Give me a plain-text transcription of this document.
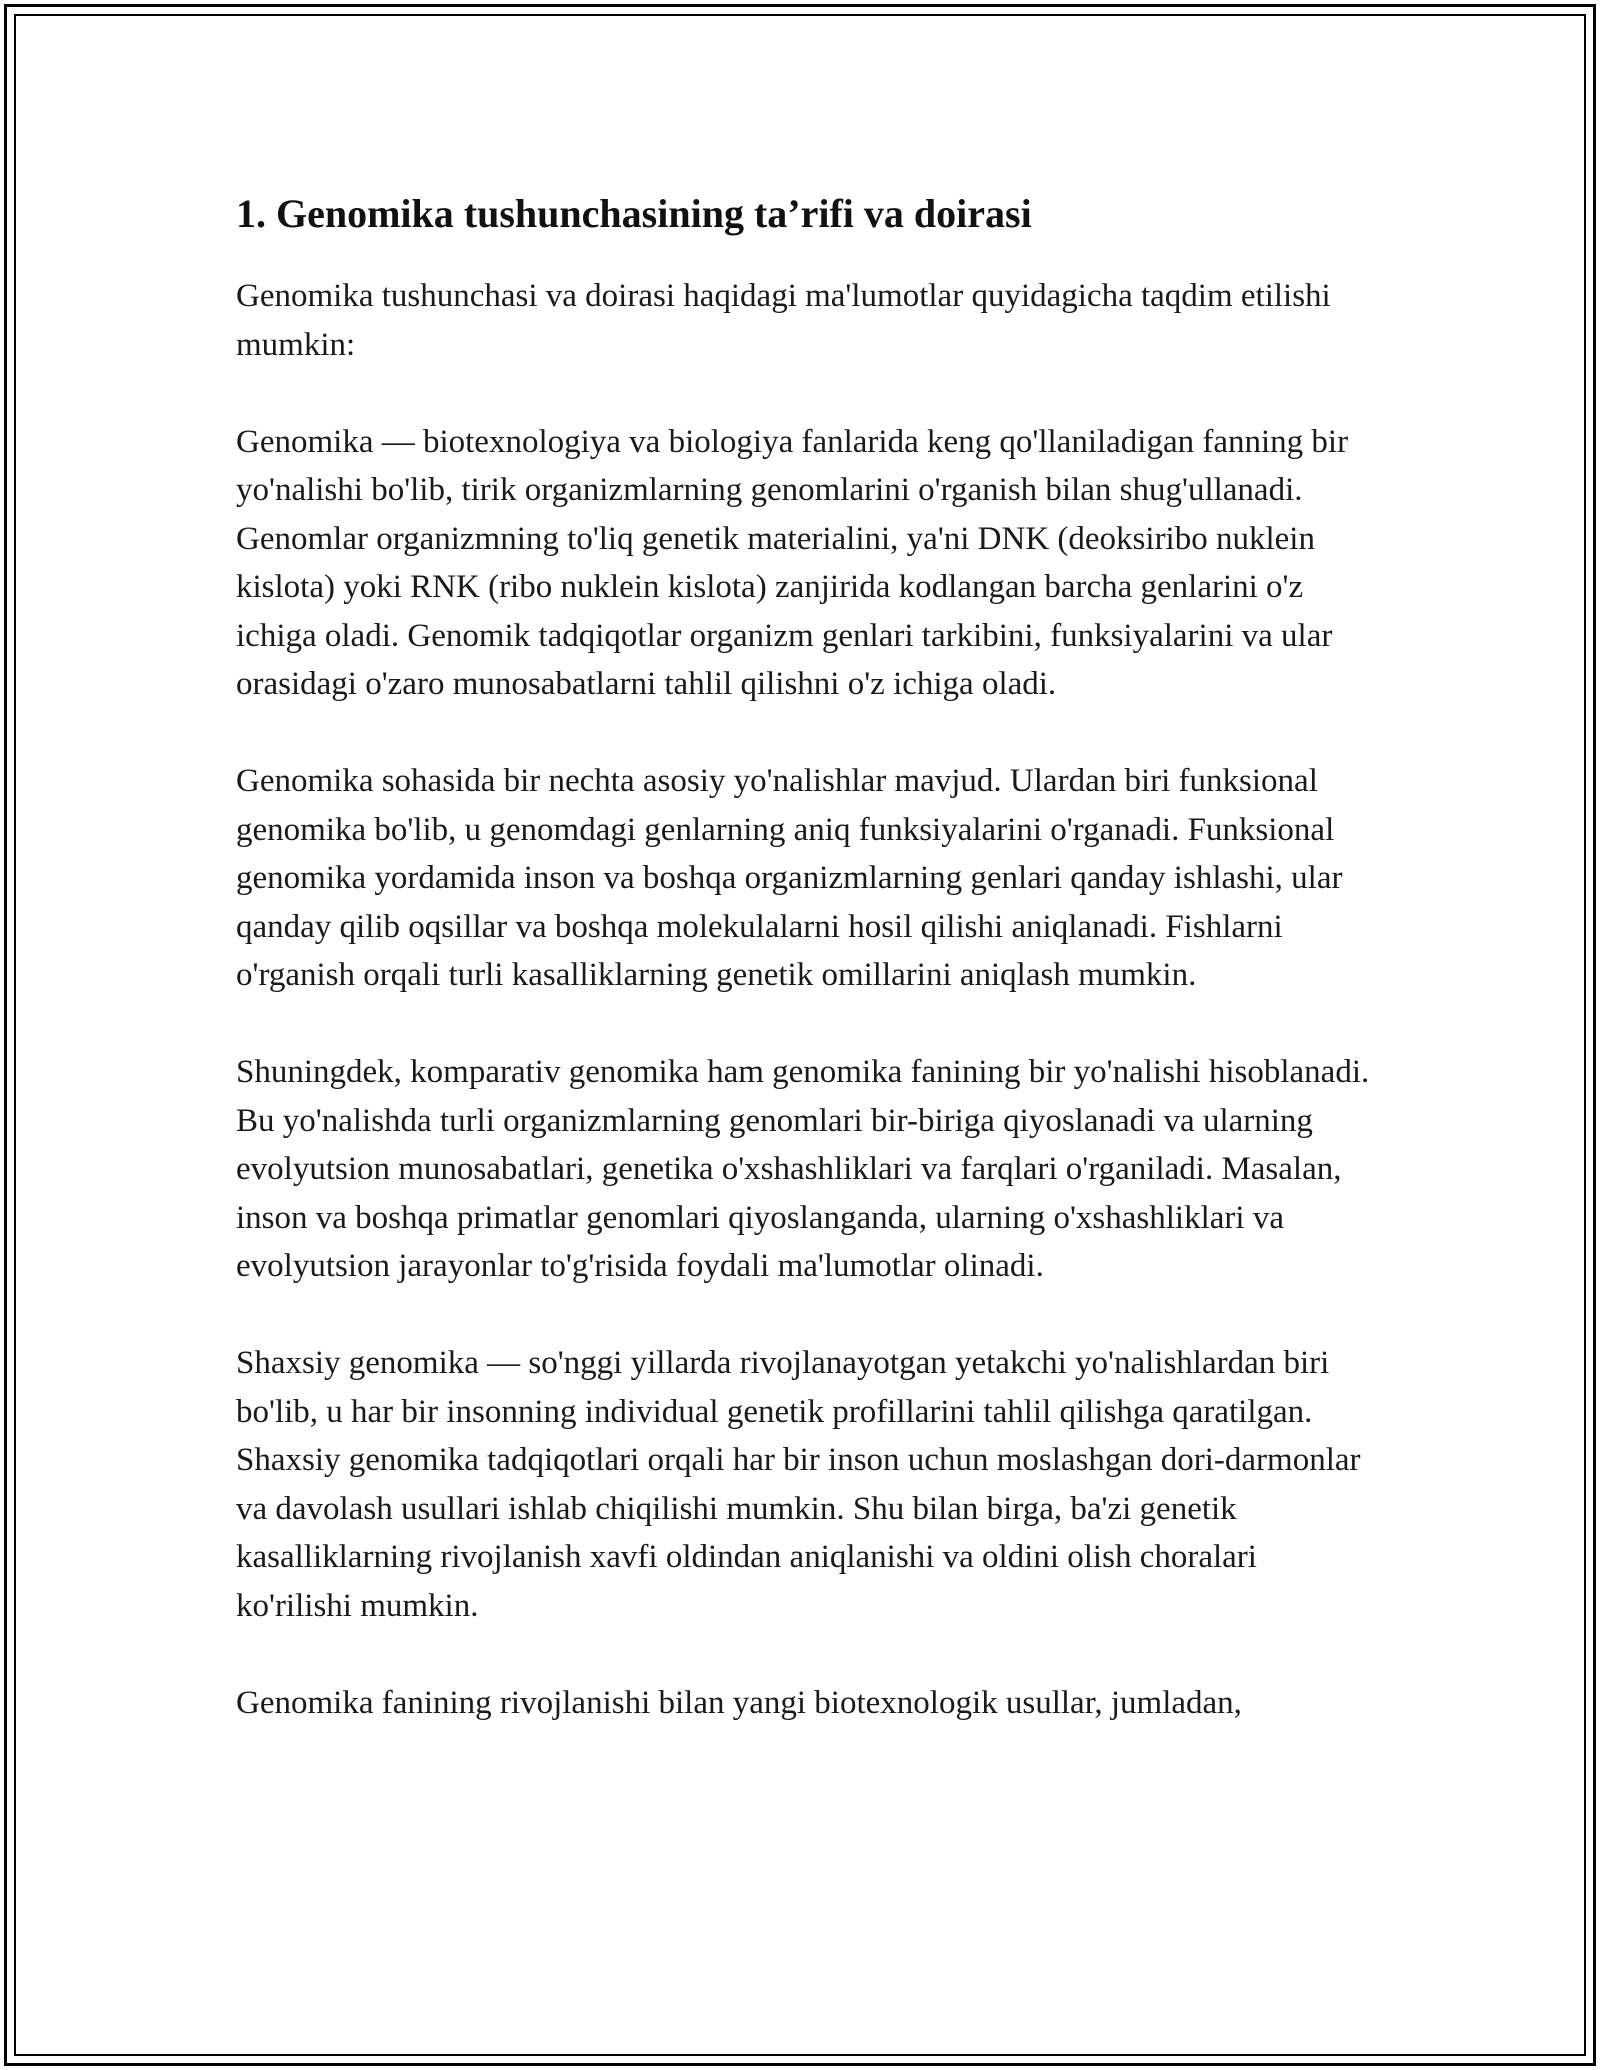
1. Genomika tushunchasining ta’rifi va doirasi

Genomika tushunchasi va doirasi haqidagi ma'lumotlar quyidagicha taqdim etilishi mumkin:

Genomika — biotexnologiya va biologiya fanlarida keng qo'llaniladigan fanning bir yo'nalishi bo'lib, tirik organizmlarning genomlarini o'rganish bilan shug'ullanadi. Genomlar organizmning to'liq genetik materialini, ya'ni DNK (deoksiribo nuklein kislota) yoki RNK (ribo nuklein kislota) zanjirida kodlangan barcha genlarini o'z ichiga oladi. Genomik tadqiqotlar organizm genlari tarkibini, funksiyalarini va ular orasidagi o'zaro munosabatlarni tahlil qilishni o'z ichiga oladi.

Genomika sohasida bir nechta asosiy yo'nalishlar mavjud. Ulardan biri funksional genomika bo'lib, u genomdagi genlarning aniq funksiyalarini o'rganadi. Funksional genomika yordamida inson va boshqa organizmlarning genlari qanday ishlashi, ular qanday qilib oqsillar va boshqa molekulalarni hosil qilishi aniqlanadi. Fishlarni o'rganish orqali turli kasalliklarning genetik omillarini aniqlash mumkin.

Shuningdek, komparativ genomika ham genomika fanining bir yo'nalishi hisoblanadi. Bu yo'nalishda turli organizmlarning genomlari bir-biriga qiyoslanadi va ularning evolyutsion munosabatlari, genetika o'xshashliklari va farqlari o'rganiladi. Masalan, inson va boshqa primatlar genomlari qiyoslanganda, ularning o'xshashliklari va evolyutsion jarayonlar to'g'risida foydali ma'lumotlar olinadi.

Shaxsiy genomika — so'nggi yillarda rivojlanayotgan yetakchi yo'nalishlardan biri bo'lib, u har bir insonning individual genetik profillarini tahlil qilishga qaratilgan. Shaxsiy genomika tadqiqotlari orqali har bir inson uchun moslashgan dori-darmonlar va davolash usullari ishlab chiqilishi mumkin. Shu bilan birga, ba'zi genetik kasalliklarning rivojlanish xavfi oldindan aniqlanishi va oldini olish choralari ko'rilishi mumkin.

Genomika fanining rivojlanishi bilan yangi biotexnologik usullar, jumladan,
